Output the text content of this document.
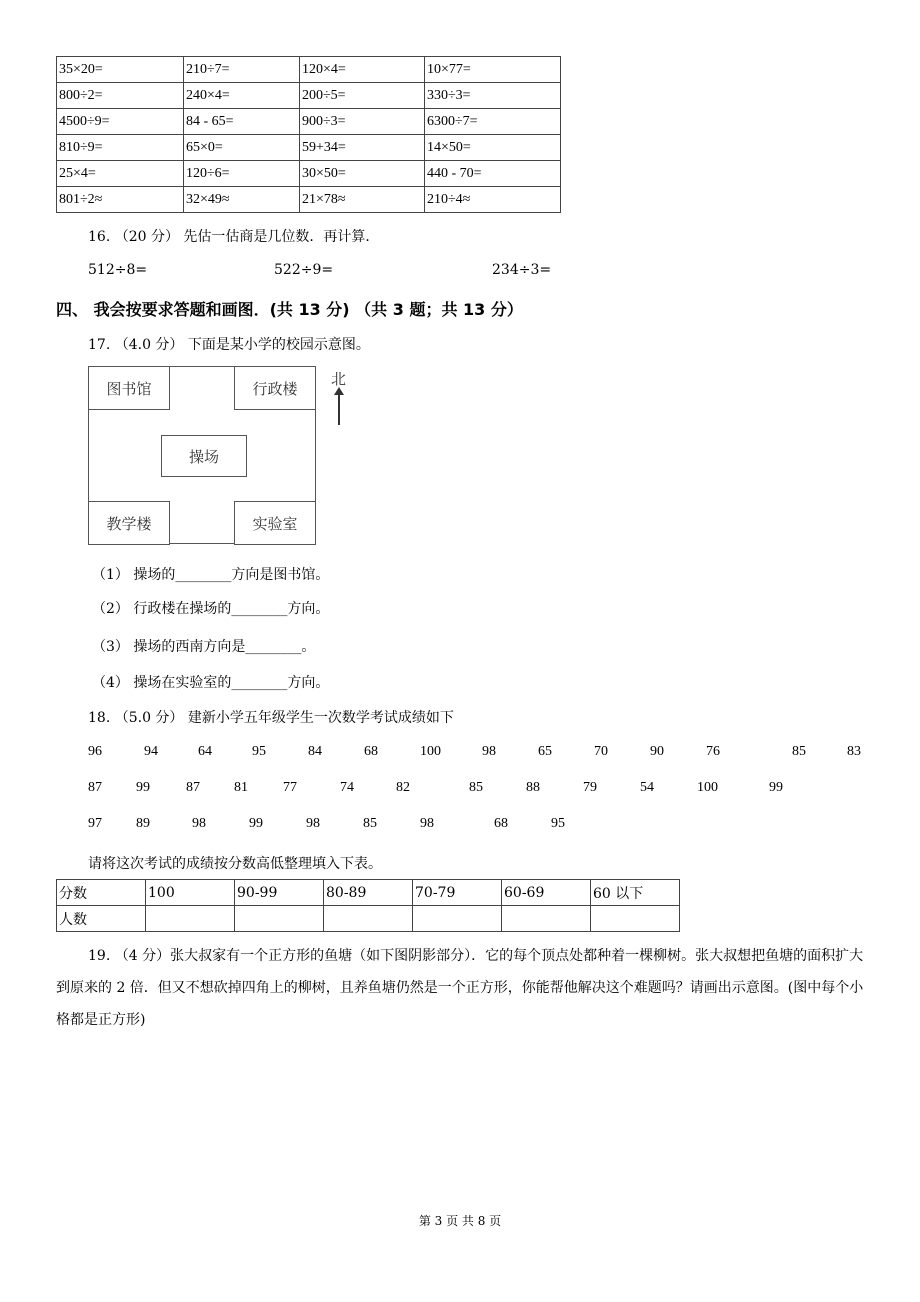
35×20=	210÷7=	120×4=	10×77=
800÷2=	240×4=	200÷5=	330÷3=
4500÷9=	84 - 65=	900÷3=	6300÷7=
810÷9=	65×0=	59+34=	14×50=
25×4=	120÷6=	30×50=	440 - 70=
801÷2≈	32×49≈	21×78≈	210÷4≈
16. （20 分） 先估一估商是几位数．再计算．
512÷8=	522÷9=	234÷3=
四、 我会按要求答题和画图．(共 13 分) （共 3 题；共 13 分）
17. （4.0 分） 下面是某小学的校园示意图。
图书馆	行政楼
操场
教学楼	实验室
北
（1） 操场的________方向是图书馆。
（2） 行政楼在操场的________方向。
（3） 操场的西南方向是________。
（4） 操场在实验室的________方向。
18. （5.0 分） 建新小学五年级学生一次数学考试成绩如下
96	94	64	95	84	68	100	98	65	70	90	76	85	83
87 99	87 81	77	74	82	85	88	79	54	100	99
97 89	98	99	98	85	98	68	95
请将这次考试的成绩按分数高低整理填入下表。
分数	100	90-99	80-89	70-79	60-69	60 以下
人数						
19. （4 分）张大叔家有一个正方形的鱼塘（如下图阴影部分）．它的每个顶点处都种着一棵柳树。张大叔想把鱼塘的面积扩大到原来的 2 倍．但又不想砍掉四角上的柳树，且养鱼塘仍然是一个正方形，你能帮他解决这个难题吗？请画出示意图。(图中每个小格都是正方形)
第 3 页 共 8 页
